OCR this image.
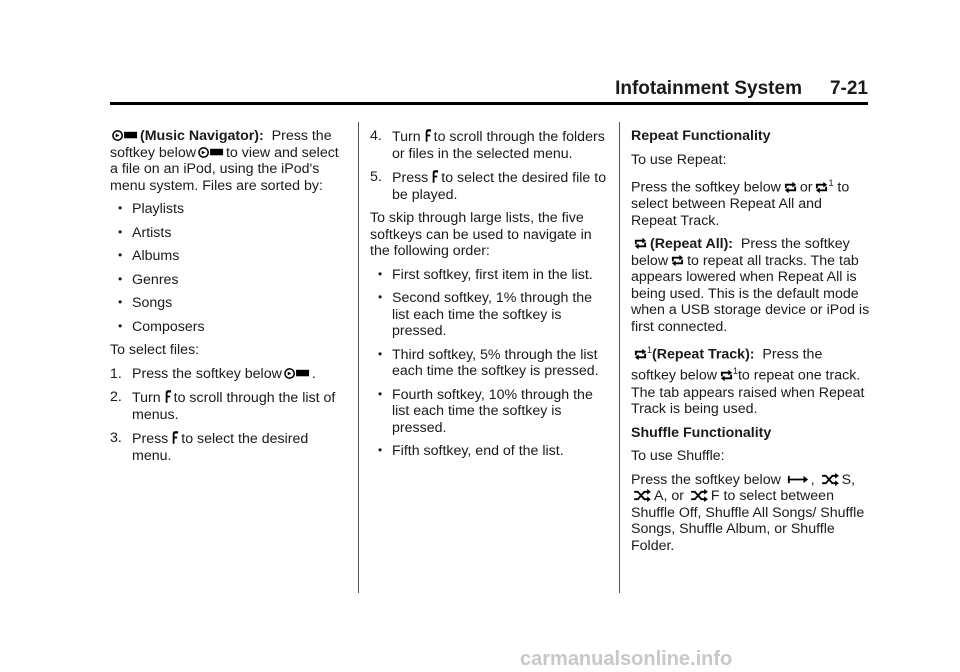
Infotainment System 7-21

(Music Navigator): Press the softkey below to view and select a file on an iPod, using the iPod's menu system. Files are sorted by:

• Playlists
• Artists
• Albums
• Genres
• Songs
• Composers

To select files:

1. Press the softkey below .
2. Turn to scroll through the list of menus.
3. Press to select the desired menu.
4. Turn to scroll through the folders or files in the selected menu.
5. Press to select the desired file to be played.

To skip through large lists, the five softkeys can be used to navigate in the following order:

• First softkey, first item in the list.
• Second softkey, 1% through the list each time the softkey is pressed.
• Third softkey, 5% through the list each time the softkey is pressed.
• Fourth softkey, 10% through the list each time the softkey is pressed.
• Fifth softkey, end of the list.

Repeat Functionality

To use Repeat:

Press the softkey below or $^1$ to select between Repeat All and Repeat Track.

(Repeat All): Press the softkey below to repeat all tracks. The tab appears lowered when Repeat All is being used. This is the default mode when a USB storage device or iPod is first connected.

$^1$(Repeat Track): Press the softkey below $^1$to repeat one track. The tab appears raised when Repeat Track is being used.

Shuffle Functionality

To use Shuffle:

Press the softkey below , S, A, or F to select between Shuffle Off, Shuffle All Songs/ Shuffle Songs, Shuffle Album, or Shuffle Folder.

carmanualsonline.info
